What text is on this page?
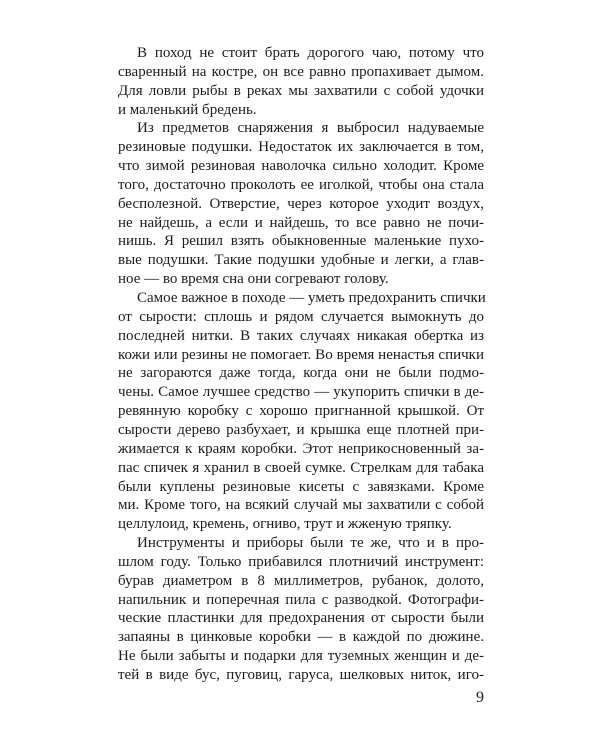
В поход не стоит брать дорогого чаю, потому что
сваренный на костре, он все равно пропахивает дымом.
Для ловли рыбы в реках мы захватили с собой удочки
и маленький бредень.
Из предметов снаряжения я выбросил надуваемые
резиновые подушки. Недостаток их заключается в том,
что зимой резиновая наволочка сильно холодит. Кроме
того, достаточно проколоть ее иголкой, чтобы она стала
бесполезной. Отверстие, через которое уходит воздух,
не найдешь, а если и найдешь, то все равно не почи-
нишь. Я решил взять обыкновенные маленькие пухо-
вые подушки. Такие подушки удобные и легки, а глав-
ное — во время сна они согревают голову.
Самое важное в походе — уметь предохранить спички
от сырости: сплошь и рядом случается вымокнуть до
последней нитки. В таких случаях никакая обертка из
кожи или резины не помогает. Во время ненастья спички
не загораются даже тогда, когда они не были подмо-
чены. Самое лучшее средство — укупорить спички в де-
ревянную коробку с хорошо пригнанной крышкой. От
сырости дерево разбухает, и крышка еще плотней при-
жимается к краям коробки. Этот неприкосновенный за-
пас спичек я хранил в своей сумке. Стрелкам для табака
были куплены резиновые кисеты с завязками. Кроме
ми. Кроме того, на всякий случай мы захватили с собой
целлулоид, кремень, огниво, трут и жженую тряпку.
Инструменты и приборы были те же, что и в про-
шлом году. Только прибавился плотничий инструмент:
бурав диаметром в 8 миллиметров, рубанок, долото,
напильник и поперечная пила с разводкой. Фотографи-
ческие пластинки для предохранения от сырости были
запаяны в цинковые коробки — в каждой по дюжине.
Не были забыты и подарки для туземных женщин и де-
тей в виде бус, пуговиц, гаруса, шелковых ниток, иго-
9
